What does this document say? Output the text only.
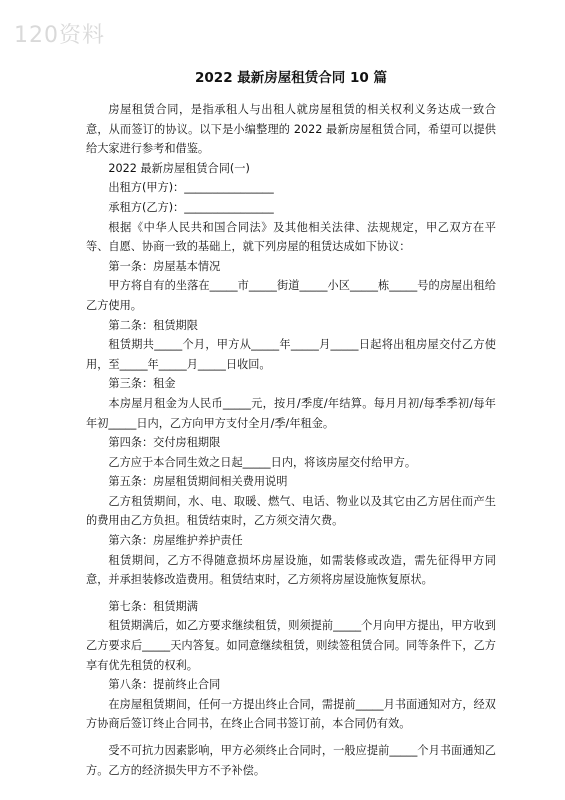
120资料
2022 最新房屋租赁合同 10 篇

房屋租赁合同，是指承租人与出租人就房屋租赁的相关权利义务达成一致合意，从而签订的协议。以下是小编整理的 2022 最新房屋租赁合同，希望可以提供给大家进行参考和借鉴。

2022 最新房屋租赁合同(一)

出租方(甲方)：________________

承租方(乙方)：________________

根据《中华人民共和国合同法》及其他相关法律、法规规定，甲乙双方在平等、自愿、协商一致的基础上，就下列房屋的租赁达成如下协议：

第一条：房屋基本情况

甲方将自有的坐落在_____市_____街道_____小区_____栋_____号的房屋出租给乙方使用。

第二条：租赁期限

租赁期共_____个月，甲方从_____年_____月_____日起将出租房屋交付乙方使用，至_____年_____月_____日收回。

第三条：租金

本房屋月租金为人民币_____元，按月/季度/年结算。每月月初/每季季初/每年年初_____日内，乙方向甲方支付全月/季/年租金。

第四条：交付房租期限

乙方应于本合同生效之日起_____日内，将该房屋交付给甲方。

第五条：房屋租赁期间相关费用说明

乙方租赁期间，水、电、取暖、燃气、电话、物业以及其它由乙方居住而产生的费用由乙方负担。租赁结束时，乙方须交清欠费。

第六条：房屋维护养护责任

租赁期间，乙方不得随意损坏房屋设施，如需装修或改造，需先征得甲方同意，并承担装修改造费用。租赁结束时，乙方须将房屋设施恢复原状。

第七条：租赁期满

租赁期满后，如乙方要求继续租赁，则须提前_____个月向甲方提出，甲方收到乙方要求后_____天内答复。如同意继续租赁，则续签租赁合同。同等条件下，乙方享有优先租赁的权利。

第八条：提前终止合同

在房屋租赁期间，任何一方提出终止合同，需提前_____月书面通知对方，经双方协商后签订终止合同书，在终止合同书签订前，本合同仍有效。

受不可抗力因素影响，甲方必须终止合同时，一般应提前_____个月书面通知乙方。乙方的经济损失甲方不予补偿。
